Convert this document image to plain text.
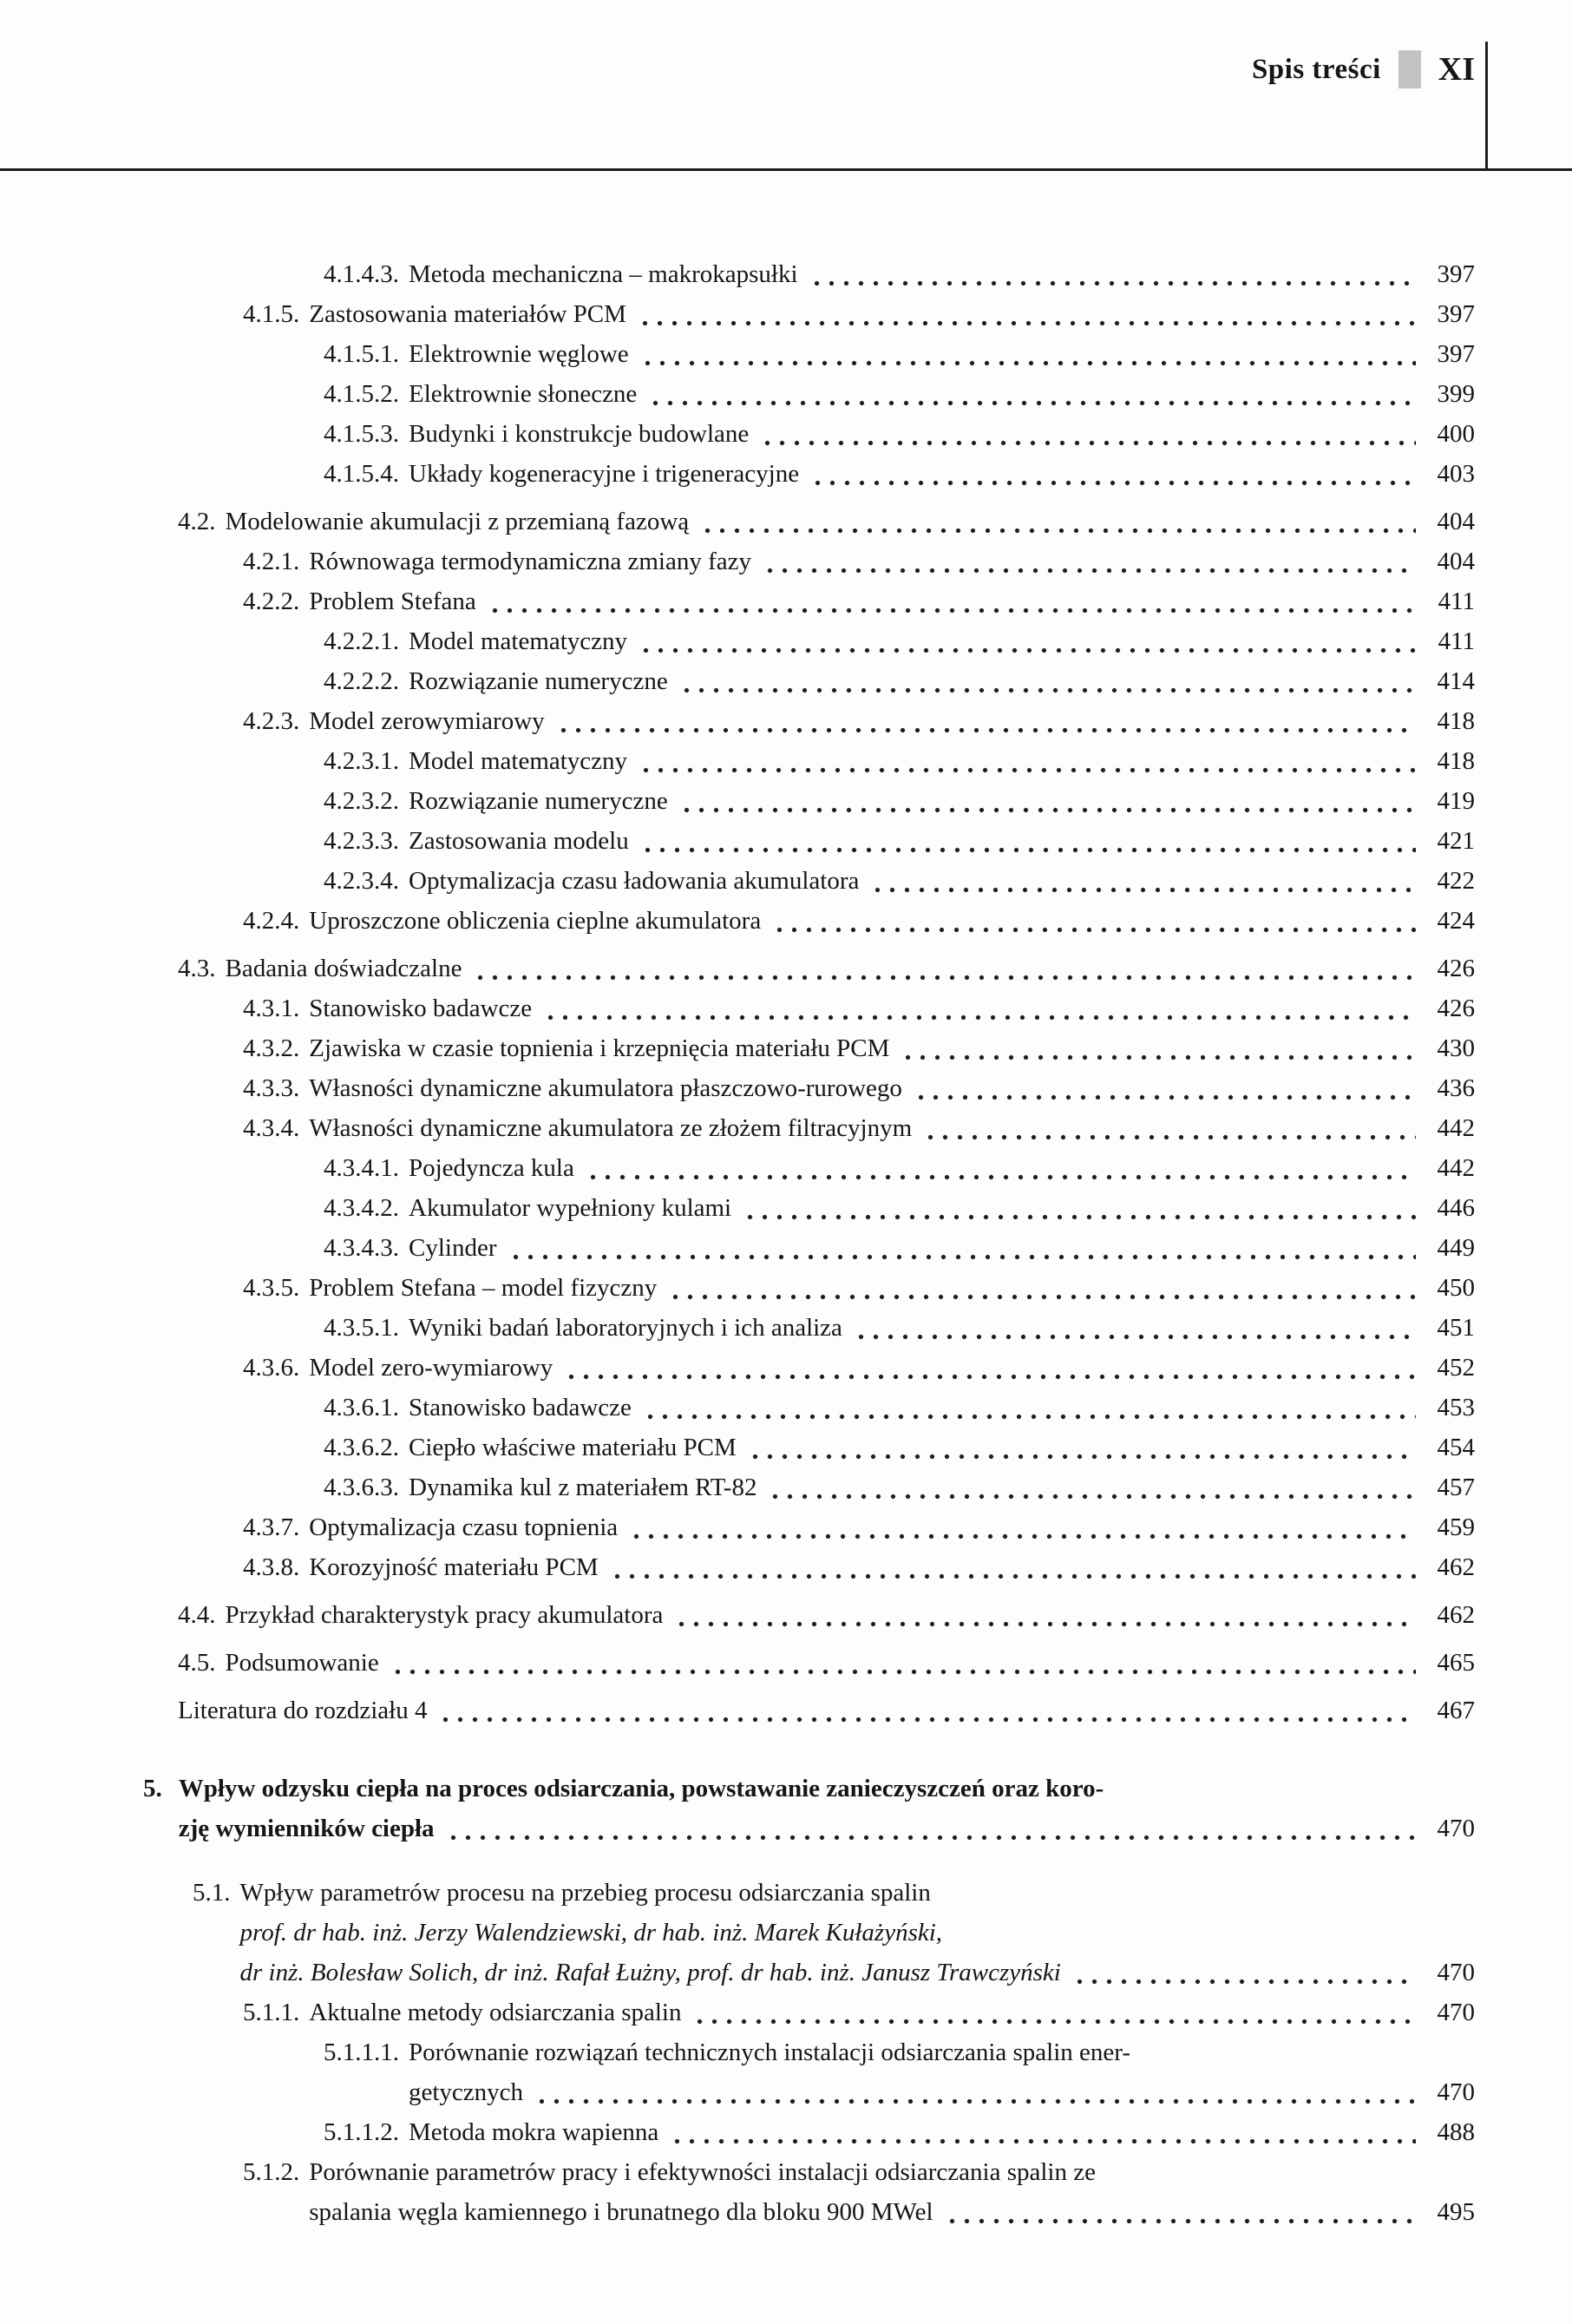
Spis treści XI
4.1.4.3. Metoda mechaniczna – makrokapsułki	397
4.1.5. Zastosowania materiałów PCM	397
4.1.5.1. Elektrownie węglowe	397
4.1.5.2. Elektrownie słoneczne	399
4.1.5.3. Budynki i konstrukcje budowlane	400
4.1.5.4. Układy kogeneracyjne i trigeneracyjne	403
4.2. Modelowanie akumulacji z przemianą fazową	404
4.2.1. Równowaga termodynamiczna zmiany fazy	404
4.2.2. Problem Stefana	411
4.2.2.1. Model matematyczny	411
4.2.2.2. Rozwiązanie numeryczne	414
4.2.3. Model zerowymiarowy	418
4.2.3.1. Model matematyczny	418
4.2.3.2. Rozwiązanie numeryczne	419
4.2.3.3. Zastosowania modelu	421
4.2.3.4. Optymalizacja czasu ładowania akumulatora	422
4.2.4. Uproszczone obliczenia cieplne akumulatora	424
4.3. Badania doświadczalne	426
4.3.1. Stanowisko badawcze	426
4.3.2. Zjawiska w czasie topnienia i krzepnięcia materiału PCM	430
4.3.3. Własności dynamiczne akumulatora płaszczowo-rurowego	436
4.3.4. Własności dynamiczne akumulatora ze złożem filtracyjnym	442
4.3.4.1. Pojedyncza kula	442
4.3.4.2. Akumulator wypełniony kulami	446
4.3.4.3. Cylinder	449
4.3.5. Problem Stefana – model fizyczny	450
4.3.5.1. Wyniki badań laboratoryjnych i ich analiza	451
4.3.6. Model zero-wymiarowy	452
4.3.6.1. Stanowisko badawcze	453
4.3.6.2. Ciepło właściwe materiału PCM	454
4.3.6.3. Dynamika kul z materiałem RT-82	457
4.3.7. Optymalizacja czasu topnienia	459
4.3.8. Korozyjność materiału PCM	462
4.4. Przykład charakterystyk pracy akumulatora	462
4.5. Podsumowanie	465
Literatura do rozdziału 4	467
5. Wpływ odzysku ciepła na proces odsiarczania, powstawanie zanieczyszczeń oraz koro-
zję wymienników ciepła	470
5.1. Wpływ parametrów procesu na przebieg procesu odsiarczania spalin
prof. dr hab. inż. Jerzy Walendziewski, dr hab. inż. Marek Kułażyński,
dr inż. Bolesław Solich, dr inż. Rafał Łużny, prof. dr hab. inż. Janusz Trawczyński	470
5.1.1. Aktualne metody odsiarczania spalin	470
5.1.1.1. Porównanie rozwiązań technicznych instalacji odsiarczania spalin ener-
getycznych	470
5.1.1.2. Metoda mokra wapienna	488
5.1.2. Porównanie parametrów pracy i efektywności instalacji odsiarczania spalin ze
spalania węgla kamiennego i brunatnego dla bloku 900 MWel	495
